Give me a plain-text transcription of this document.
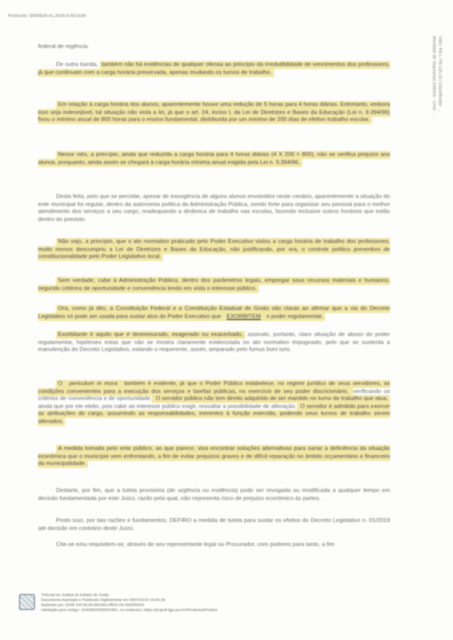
Protocolo: 5000529-41.2019.8.09.0100
Valor: R$ 1.759.126,19 | Classificador: ...
Mandado de Segurança Coletivo - Cível - ...
federal de regência.
De outra banda, também não há evidências de qualquer ofensa ao princípio da irredutibilidade de vencimentos dos professores, já que continuam com a carga horária preservada, apenas mudando os turnos de trabalho.
Em relação à carga horária dos alunos, aparentemente houve uma redução de 5 horas para 4 horas diárias. Entretanto, embora isso seja indesejável, tal situação não viola a lei, já que o art. 24, inciso I, da Lei de Diretrizes e Bases da Educação (Lei n. 9.394/96) fixou o mínimo anual de 800 horas para o ensino fundamental, distribuída por um mínimo de 200 dias de efetivo trabalho escolar.
Nesse viés, a princípio, ainda que reduzida a carga horária para 4 horas diárias (4 X 200 = 800), não se verifica prejuízo aos alunos, porquanto, ainda assim se chegará à carga horária mínima anual exigida pela Lei n. 9.394/96.
Desta feita, pelo que se percebe, apesar de insurgência de alguns alunos envolvidos neste cenário, aparentemente a situação do ente municipal foi regular, dentro da autonomia política da Administração Pública, sendo forte para organizar seu pessoal para o melhor atendimento dos serviços a seu cargo, readequando a dinâmica de trabalho nas escolas, fazendo inclusive outros horários que estão dentro do previsto.
Não vejo, a princípio, que o ato normativo praticado pelo Poder Executivo violou a carga horária de trabalho dos professores, muito menos descumpriu a Lei de Diretrizes e Bases da Educação, não justificando, por ora, o controle político preventivo de constitucionalidade pelo Poder Legislativo local.
Sem verdade, cabe à Administração Pública, dentro dos parâmetros legais, empregar seus recursos materiais e humanos, segundo critérios de oportunidade e conveniência tendo em vista o interesse público.
Ora, como já dito, a Constituição Federal e a Constituição Estadual de Goiás são claras ao afirmar que a via do Decreto Legislativo só pode ser usada para sustar atos do Poder Executivo que EXORBITEM o poder regulamentar.
Exorbitante é aquilo que é desmesurado, exagerado ou exacerbado, assinalo, portanto, claro situação de abuso do poder regulamentar, hipóteses estas que não se mostra claramente evidenciada no ato normativo impugnado, pelo que se sustenta a manutenção do Decreto Legislativo, estando o requerente, assim, amparado pelo fumus boni iuris.
O periculum in mora também é evidente, já que o Poder Público estabelece, no regime jurídico de seus servidores, as condições convenientes para a execução dos serviços e tarefas públicas, no exercício de seu poder discricionário, verificando os critérios de conveniência e de oportunidade. O servidor público não tem direito adquirido de ser mantido no turno de trabalho que atua, ainda que por ele eleito, pois cabe ao interesse público exigir, ressaltar a possibilidade de alteração. O servidor é admitido para exercer as atribuições do cargo, assumindo as responsabilidades, inerentes à função exercida, podendo seus turnos de trabalho serem alterados.
A medida tomada pelo ente público, ao que parece, visa encontrar soluções alternativas para sanar a deficiência da situação econômica que o município vem enfrentando, a fim de evitar prejuízos graves e de difícil reparação no âmbito orçamentário e financeiro da municipalidade.
Destarte, por fim, que a tutela provisória (de urgência ou evidência) pode ser revogada ou modificada a qualquer tempo em decisão fundamentada por este Juízo, razão pela qual, não representa risco de prejuízo econômico às partes.
Posto isso, por tais razões e fundamentos, DEFIRO a medida de tutela para sustar os efeitos do Decreto Legislativo n. 01/2019 até decisão em contrário deste Juízo.
Cite-se e/ou requisitem-se, através de seu representante legal ou Procurador, com poderes para tanto, a fim
Tribunal de Justiça do Estado de Goiás
Documento Assinado e Publicado Digitalmente em 05/07/2019 15:40:30
Assinado por JOSÉ DA SILVA MAGALHÃES DE ANDRADE
Validação pelo código: 10493500305001561, no endereço: https://projudi.tjgo.jus.br/PendenciaPublica
